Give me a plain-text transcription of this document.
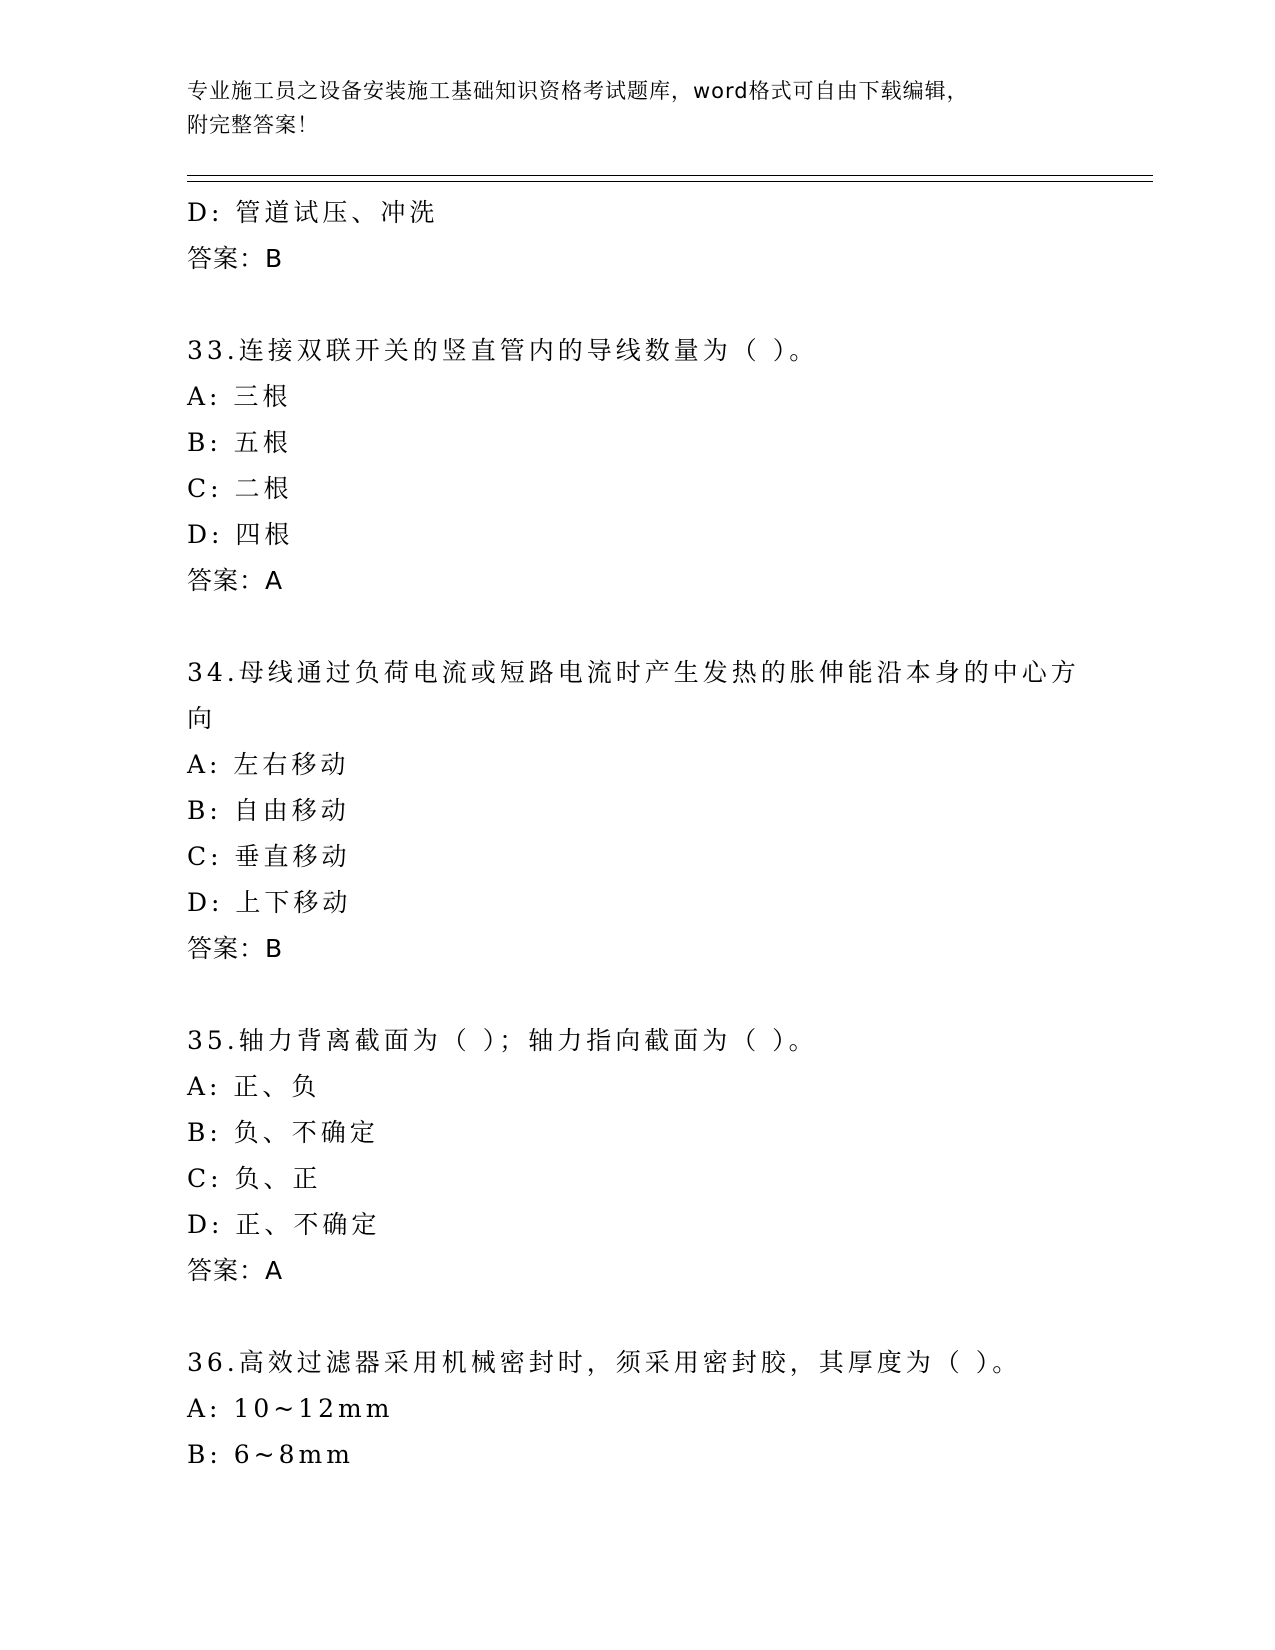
专业施工员之设备安装施工基础知识资格考试题库，word格式可自由下载编辑，
附完整答案！
D: 管道试压、冲洗
答案：B
33.连接双联开关的竖直管内的导线数量为（ ）。
A: 三根
B: 五根
C: 二根
D: 四根
答案：A
34.母线通过负荷电流或短路电流时产生发热的胀伸能沿本身的中心方
向
A: 左右移动
B: 自由移动
C: 垂直移动
D: 上下移动
答案：B
35.轴力背离截面为（ ）；轴力指向截面为（ ）。
A: 正、负
B: 负、不确定
C: 负、正
D: 正、不确定
答案：A
36.高效过滤器采用机械密封时，须采用密封胶，其厚度为（ ）。
A: 10~12mm
B: 6~8mm
